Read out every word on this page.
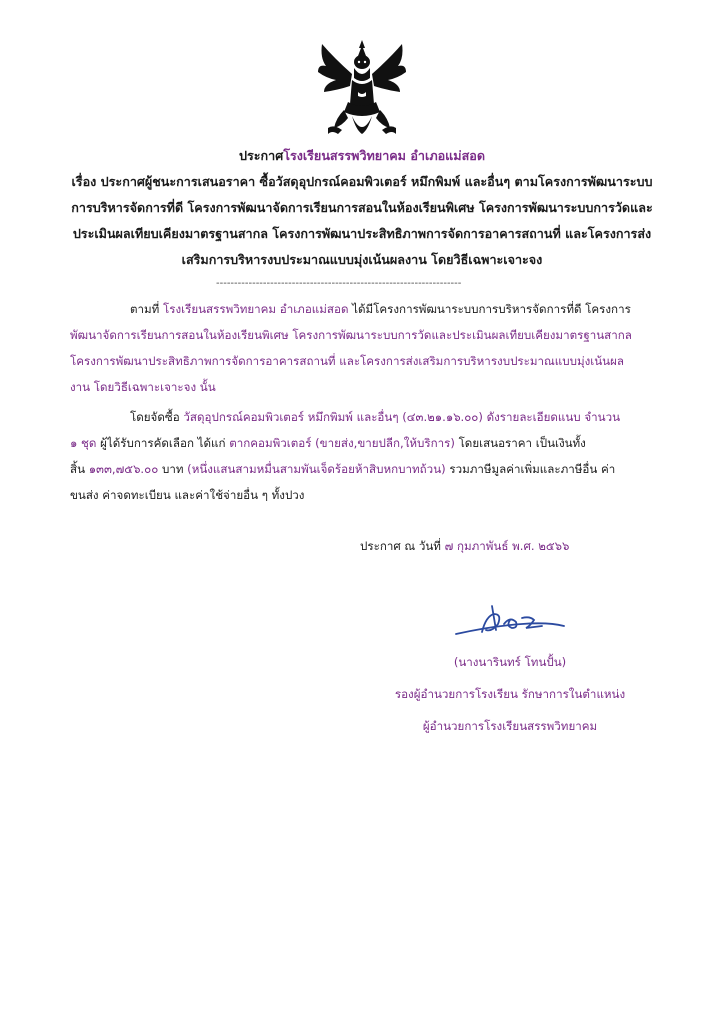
ประกาศโรงเรียนสรรพวิทยาคม อำเภอแม่สอด
เรื่อง ประกาศผู้ชนะการเสนอราคา ซื้อวัสดุอุปกรณ์คอมพิวเตอร์ หมึกพิมพ์ และอื่นๆ ตามโครงการพัฒนาระบบ
การบริหารจัดการที่ดี โครงการพัฒนาจัดการเรียนการสอนในห้องเรียนพิเศษ โครงการพัฒนาระบบการวัดและ
ประเมินผลเทียบเคียงมาตรฐานสากล โครงการพัฒนาประสิทธิภาพการจัดการอาคารสถานที่ และโครงการส่ง
เสริมการบริหารงบประมาณแบบมุ่งเน้นผลงาน โดยวิธีเฉพาะเจาะจง
--------------------------------------------------------------------
ตามที่ โรงเรียนสรรพวิทยาคม อำเภอแม่สอด ได้มีโครงการพัฒนาระบบการบริหารจัดการที่ดี โครงการ
พัฒนาจัดการเรียนการสอนในห้องเรียนพิเศษ โครงการพัฒนาระบบการวัดและประเมินผลเทียบเคียงมาตรฐานสากล
โครงการพัฒนาประสิทธิภาพการจัดการอาคารสถานที่ และโครงการส่งเสริมการบริหารงบประมาณแบบมุ่งเน้นผล
งาน โดยวิธีเฉพาะเจาะจง นั้น
โดยจัดซื้อ วัสดุอุปกรณ์คอมพิวเตอร์ หมึกพิมพ์ และอื่นๆ (๔๓.๒๑.๑๖.๐๐) ดังรายละเอียดแนบ จำนวน
๑ ชุด ผู้ได้รับการคัดเลือก ได้แก่ ตากคอมพิวเตอร์ (ขายส่ง,ขายปลีก,ให้บริการ) โดยเสนอราคา เป็นเงินทั้ง
สิ้น ๑๓๓,๗๕๖.๐๐ บาท (หนึ่งแสนสามหมื่นสามพันเจ็ดร้อยห้าสิบหกบาทถ้วน) รวมภาษีมูลค่าเพิ่มและภาษีอื่น ค่า
ขนส่ง ค่าจดทะเบียน และค่าใช้จ่ายอื่น ๆ ทั้งปวง
ประกาศ ณ วันที่ ๗ กุมภาพันธ์ พ.ศ. ๒๕๖๖
(นางนารินทร์ โทนปั้น)
รองผู้อำนวยการโรงเรียน รักษาการในตำแหน่ง
ผู้อำนวยการโรงเรียนสรรพวิทยาคม
